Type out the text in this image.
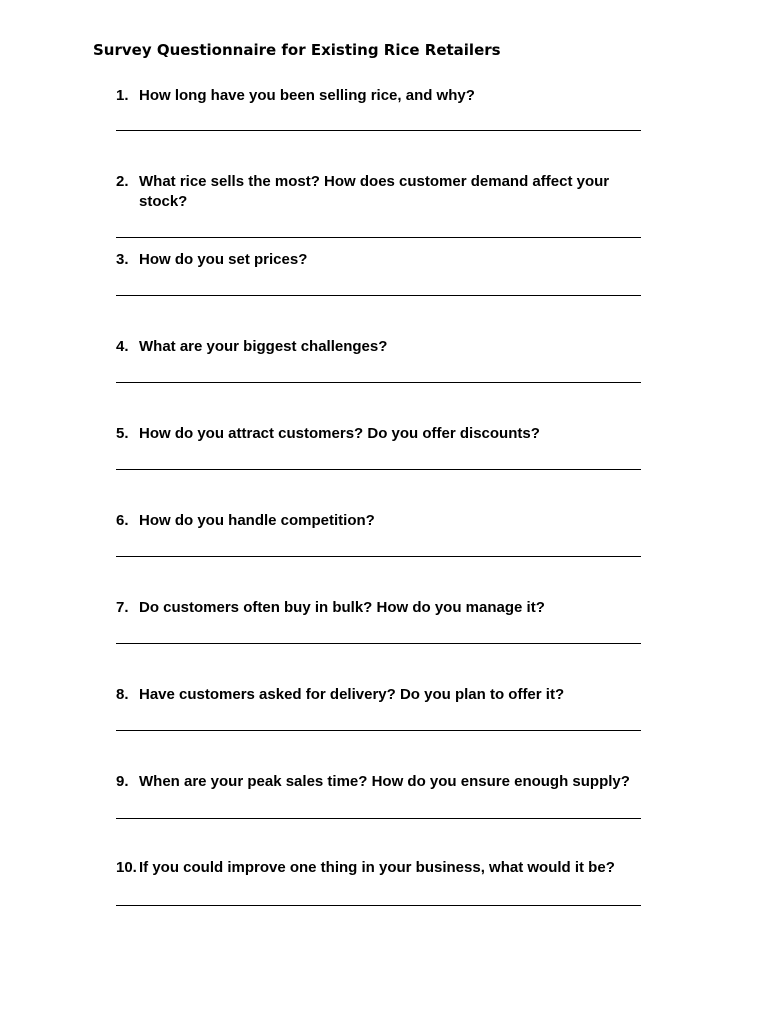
Survey Questionnaire for Existing Rice Retailers
1. How long have you been selling rice, and why?
2. What rice sells the most? How does customer demand affect your stock?
3. How do you set prices?
4. What are your biggest challenges?
5. How do you attract customers? Do you offer discounts?
6. How do you handle competition?
7. Do customers often buy in bulk? How do you manage it?
8. Have customers asked for delivery? Do you plan to offer it?
9. When are your peak sales time? How do you ensure enough supply?
10. If you could improve one thing in your business, what would it be?
